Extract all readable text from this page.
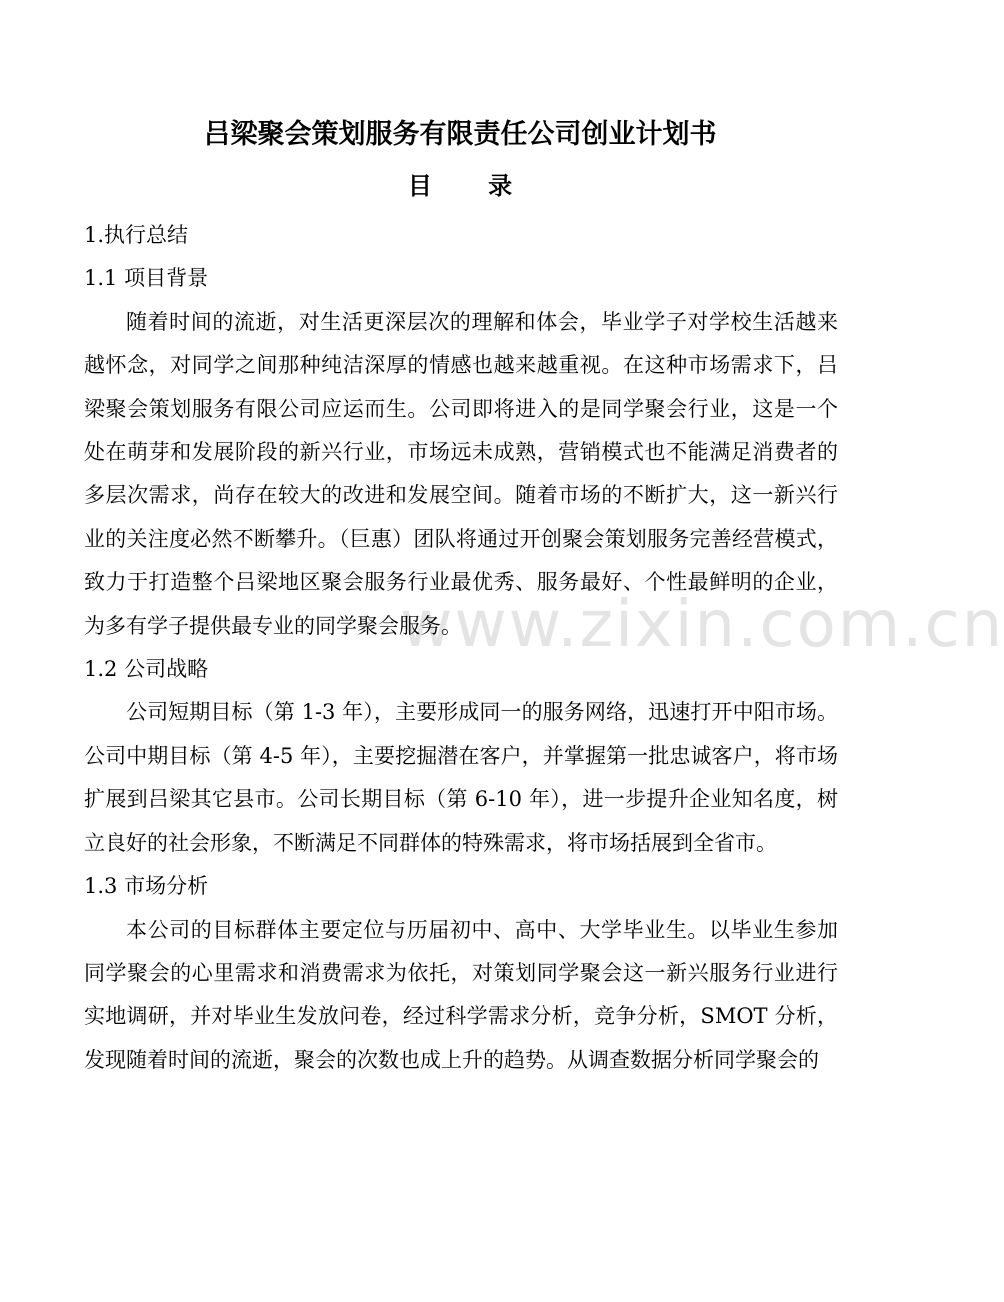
www.zixin.com.cn
吕梁聚会策划服务有限责任公司创业计划书
目 录

1.执行总结

1.1 项目背景

随着时间的流逝，对生活更深层次的理解和体会，毕业学子对学校生活越来越怀念，对同学之间那种纯洁深厚的情感也越来越重视。在这种市场需求下，吕梁聚会策划服务有限公司应运而生。公司即将进入的是同学聚会行业，这是一个处在萌芽和发展阶段的新兴行业，市场远未成熟，营销模式也不能满足消费者的多层次需求，尚存在较大的改进和发展空间。随着市场的不断扩大，这一新兴行业的关注度必然不断攀升。（巨惠）团队将通过开创聚会策划服务完善经营模式，致力于打造整个吕梁地区聚会服务行业最优秀、服务最好、个性最鲜明的企业，为多有学子提供最专业的同学聚会服务。

1.2 公司战略

公司短期目标（第 1-3 年），主要形成同一的服务网络，迅速打开中阳市场。公司中期目标（第 4-5 年），主要挖掘潜在客户，并掌握第一批忠诚客户，将市场扩展到吕梁其它县市。公司长期目标（第 6-10 年），进一步提升企业知名度，树立良好的社会形象，不断满足不同群体的特殊需求，将市场括展到全省市。

1.3 市场分析

本公司的目标群体主要定位与历届初中、高中、大学毕业生。以毕业生参加同学聚会的心里需求和消费需求为依托，对策划同学聚会这一新兴服务行业进行实地调研，并对毕业生发放问卷，经过科学需求分析，竞争分析，SMOT 分析，发现随着时间的流逝，聚会的次数也成上升的趋势。从调查数据分析同学聚会的
